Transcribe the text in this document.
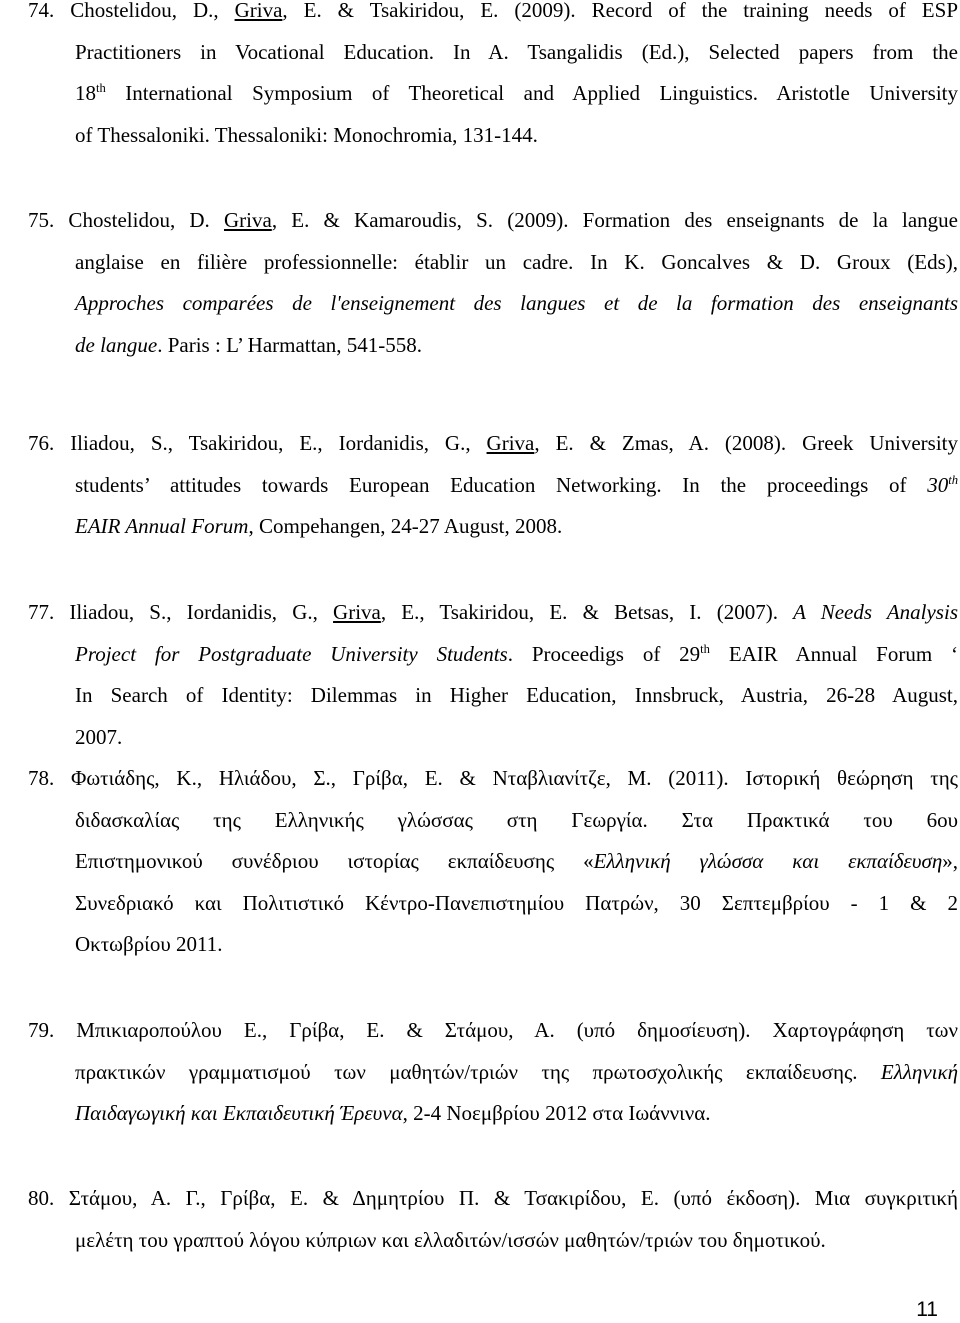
74. Chostelidou, D., Griva, E. & Tsakiridou, E. (2009). Record of the training needs of ESP
Practitioners in Vocational Education. In A. Tsangalidis (Ed.), Selected papers from the
18th International Symposium of Theoretical and Applied Linguistics. Aristotle University
of Thessaloniki. Thessaloniki: Monochromia, 131-144.
75. Chostelidou, D. Griva, E. & Kamaroudis, S. (2009). Formation des enseignants de la langue
anglaise en filière professionnelle: établir un cadre. In K. Goncalves & D. Groux (Eds),
Approches comparées de l'enseignement des langues et de la formation des enseignants
de langue. Paris : L’ Harmattan, 541-558.
76. Iliadou, S., Tsakiridou, E., Iordanidis, G., Griva, E. & Zmas, A. (2008). Greek University
students’ attitudes towards European Education Networking. In the proceedings of 30th
EAIR Annual Forum, Compehangen, 24-27 August, 2008.
77. Iliadou, S., Iordanidis, G., Griva, E., Tsakiridou, E. & Betsas, I. (2007). A Needs Analysis
Project for Postgraduate University Students. Proceedigs of 29th EAIR Annual Forum ‘
In Search of Identity: Dilemmas in Higher Education, Innsbruck, Austria, 26-28 August,
2007.
78. Φωτιάδης, Κ., Ηλιάδου, Σ., Γρίβα, Ε. & Νταβλιανίτζε, Μ. (2011). Ιστορική θεώρηση της
διδασκαλίας της Ελληνικής γλώσσας στη Γεωργία. Στα Πρακτικά του 6ου
Επιστημονικού συνέδριου ιστορίας εκπαίδευσης «Ελληνική γλώσσα και εκπαίδευση»,
Συνεδριακό και Πολιτιστικό Κέντρο-Πανεπιστημίου Πατρών, 30 Σεπτεμβρίου - 1 & 2
Οκτωβρίου 2011.
79. Μπικιαροπούλου Ε., Γρίβα, Ε. & Στάμου, Α. (υπό δημοσίευση). Χαρτογράφηση των
πρακτικών γραμματισμού των μαθητών/τριών της πρωτοσχολικής εκπαίδευσης. Ελληνική
Παιδαγωγική και Εκπαιδευτική Έρευνα, 2-4 Νοεμβρίου 2012 στα Ιωάννινα.
80. Στάμου, Α. Γ., Γρίβα, Ε. & Δημητρίου Π. & Τσακιρίδου, Ε. (υπό έκδοση). Μια συγκριτική
μελέτη του γραπτού λόγου κύπριων και ελλαδιτών/ισσών μαθητών/τριών του δημοτικού.
11
